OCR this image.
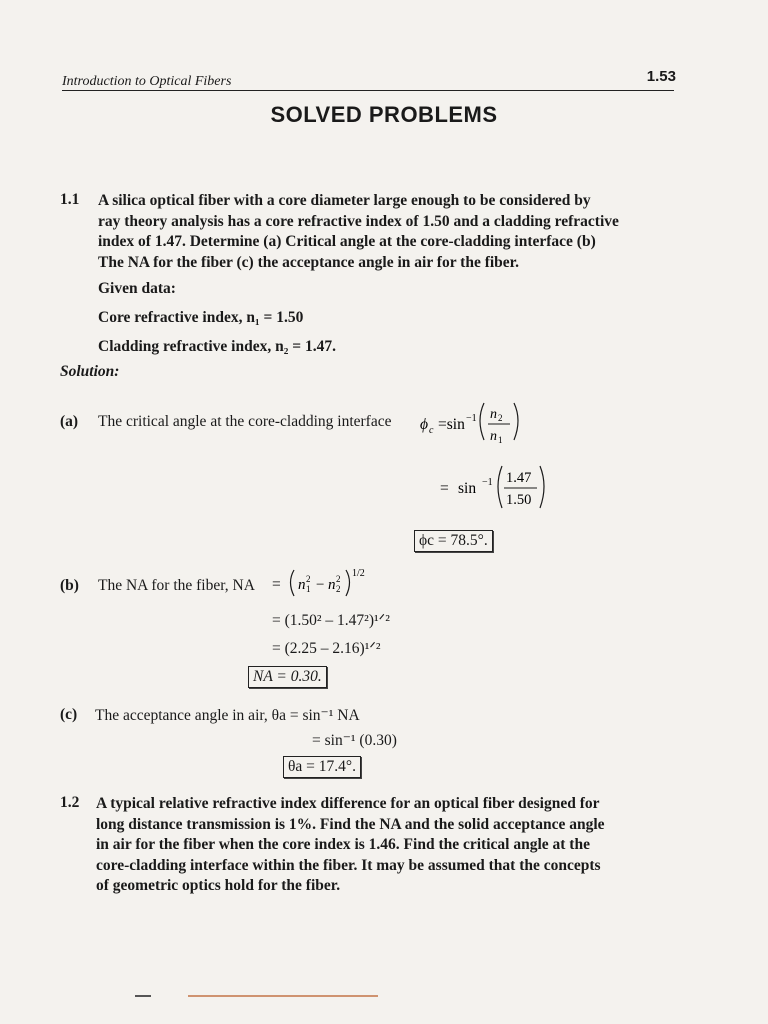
Introduction to Optical Fibers	1.53
SOLVED PROBLEMS
1.1 A silica optical fiber with a core diameter large enough to be considered by
ray theory analysis has a core refractive index of 1.50 and a cladding refractive
index of 1.47. Determine (a) Critical angle at the core-cladding interface (b)
The NA for the fiber (c) the acceptance angle in air for the fiber.
Given data:
Core refractive index, n₁ = 1.50
Cladding refractive index, n₂ = 1.47.
Solution:
(a) The critical angle at the core-cladding interface ϕ c =sin −1 n 2
n 1
= sin −1 1.47
1.50
ϕc = 78.5°.
(b) The NA for the fiber, NA = n 1
2 − n 2
2 1/2
= (1.50² – 1.47²)¹ᐟ²
= (2.25 – 2.16)¹ᐟ²
NA = 0.30.
(c) The acceptance angle in air, θa = sin⁻¹ NA
= sin⁻¹ (0.30)
θa = 17.4°.
1.2 A typical relative refractive index difference for an optical fiber designed for
long distance transmission is 1%. Find the NA and the solid acceptance angle
in air for the fiber when the core index is 1.46. Find the critical angle at the
core-cladding interface within the fiber. It may be assumed that the concepts
of geometric optics hold for the fiber.
